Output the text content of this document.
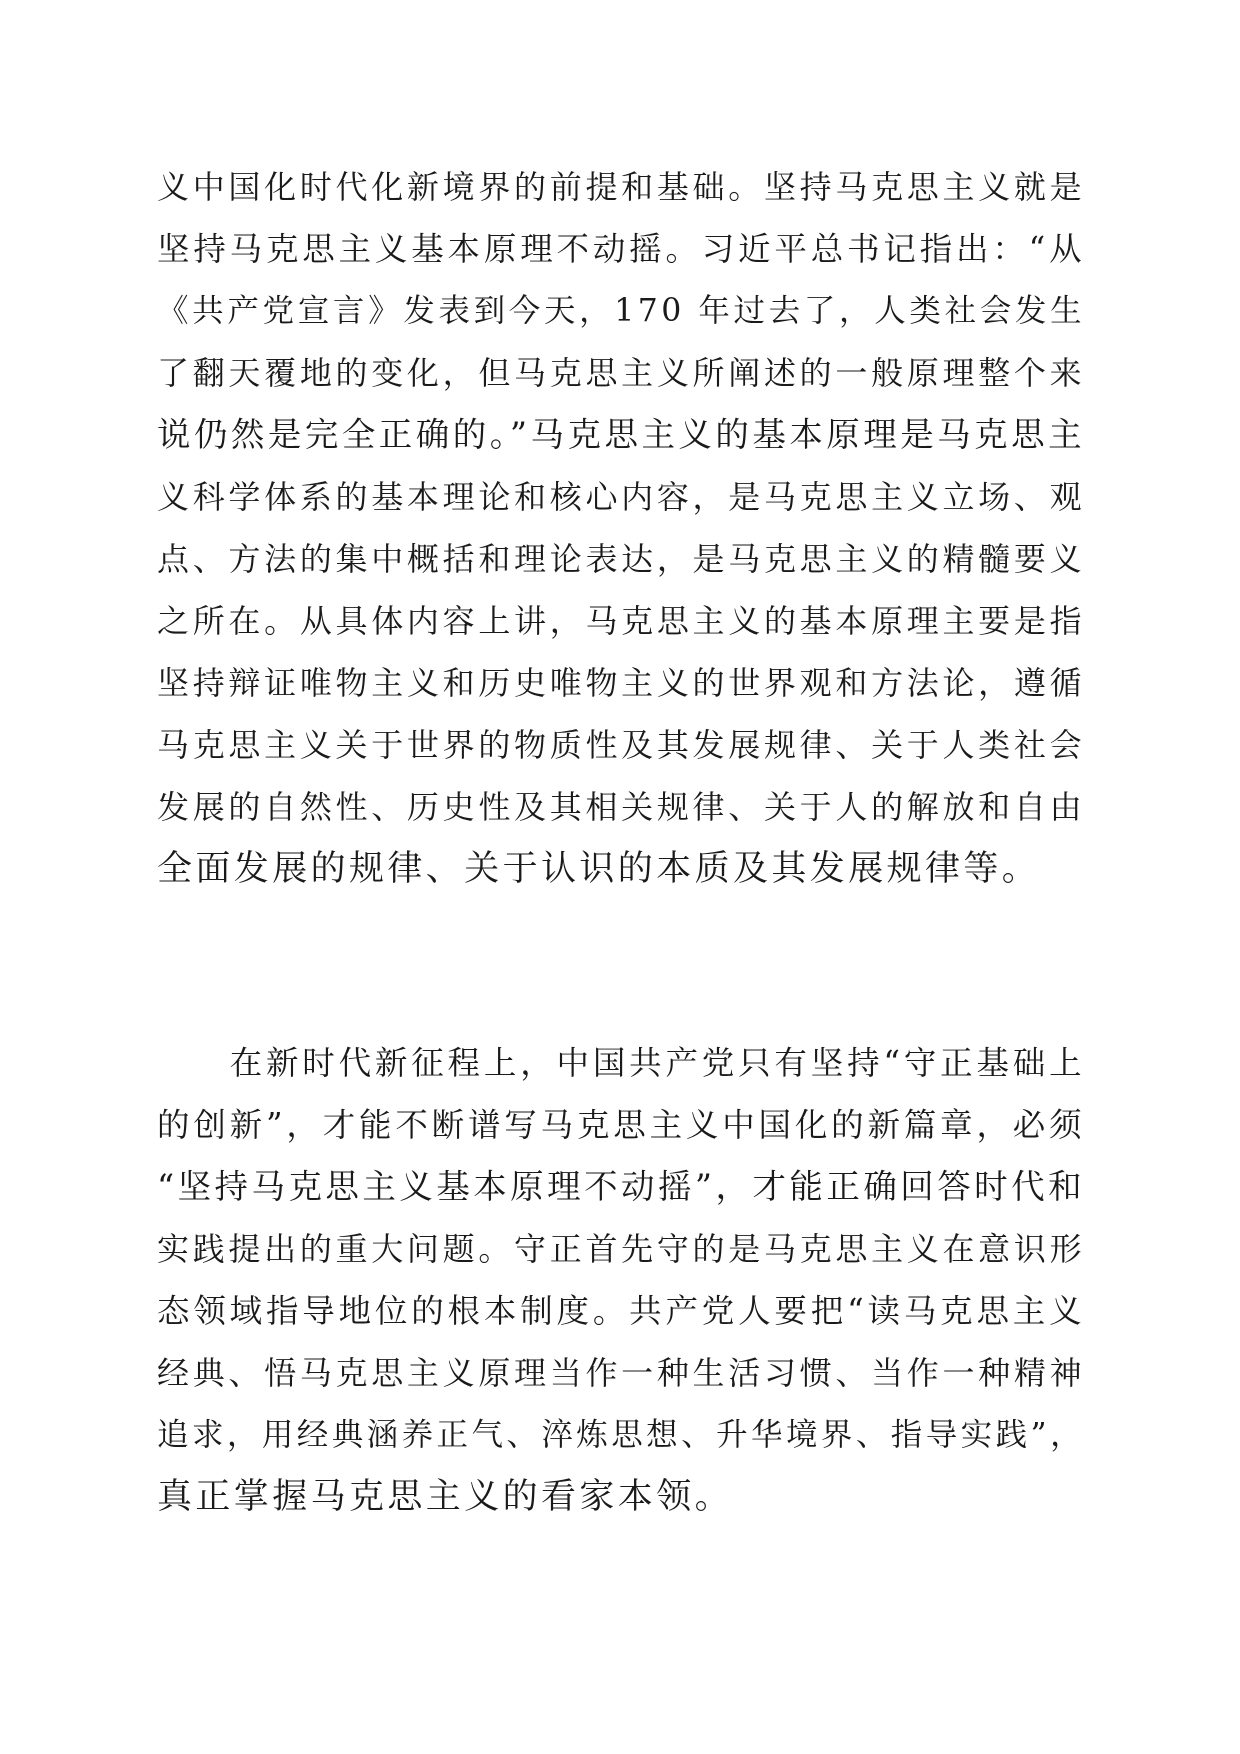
义中国化时代化新境界的前提和基础。坚持马克思主义就是
坚持马克思主义基本原理不动摇。习近平总书记指出：“从
《共产党宣言》发表到今天，170 年过去了，人类社会发生
了翻天覆地的变化，但马克思主义所阐述的一般原理整个来
说仍然是完全正确的。”马克思主义的基本原理是马克思主
义科学体系的基本理论和核心内容，是马克思主义立场、观
点、方法的集中概括和理论表达，是马克思主义的精髓要义
之所在。从具体内容上讲，马克思主义的基本原理主要是指
坚持辩证唯物主义和历史唯物主义的世界观和方法论，遵循
马克思主义关于世界的物质性及其发展规律、关于人类社会
发展的自然性、历史性及其相关规律、关于人的解放和自由
全面发展的规律、关于认识的本质及其发展规律等。
　　在新时代新征程上，中国共产党只有坚持“守正基础上
的创新”，才能不断谱写马克思主义中国化的新篇章，必须
“坚持马克思主义基本原理不动摇”，才能正确回答时代和
实践提出的重大问题。守正首先守的是马克思主义在意识形
态领域指导地位的根本制度。共产党人要把“读马克思主义
经典、悟马克思主义原理当作一种生活习惯、当作一种精神
追求，用经典涵养正气、淬炼思想、升华境界、指导实践”，
真正掌握马克思主义的看家本领。
